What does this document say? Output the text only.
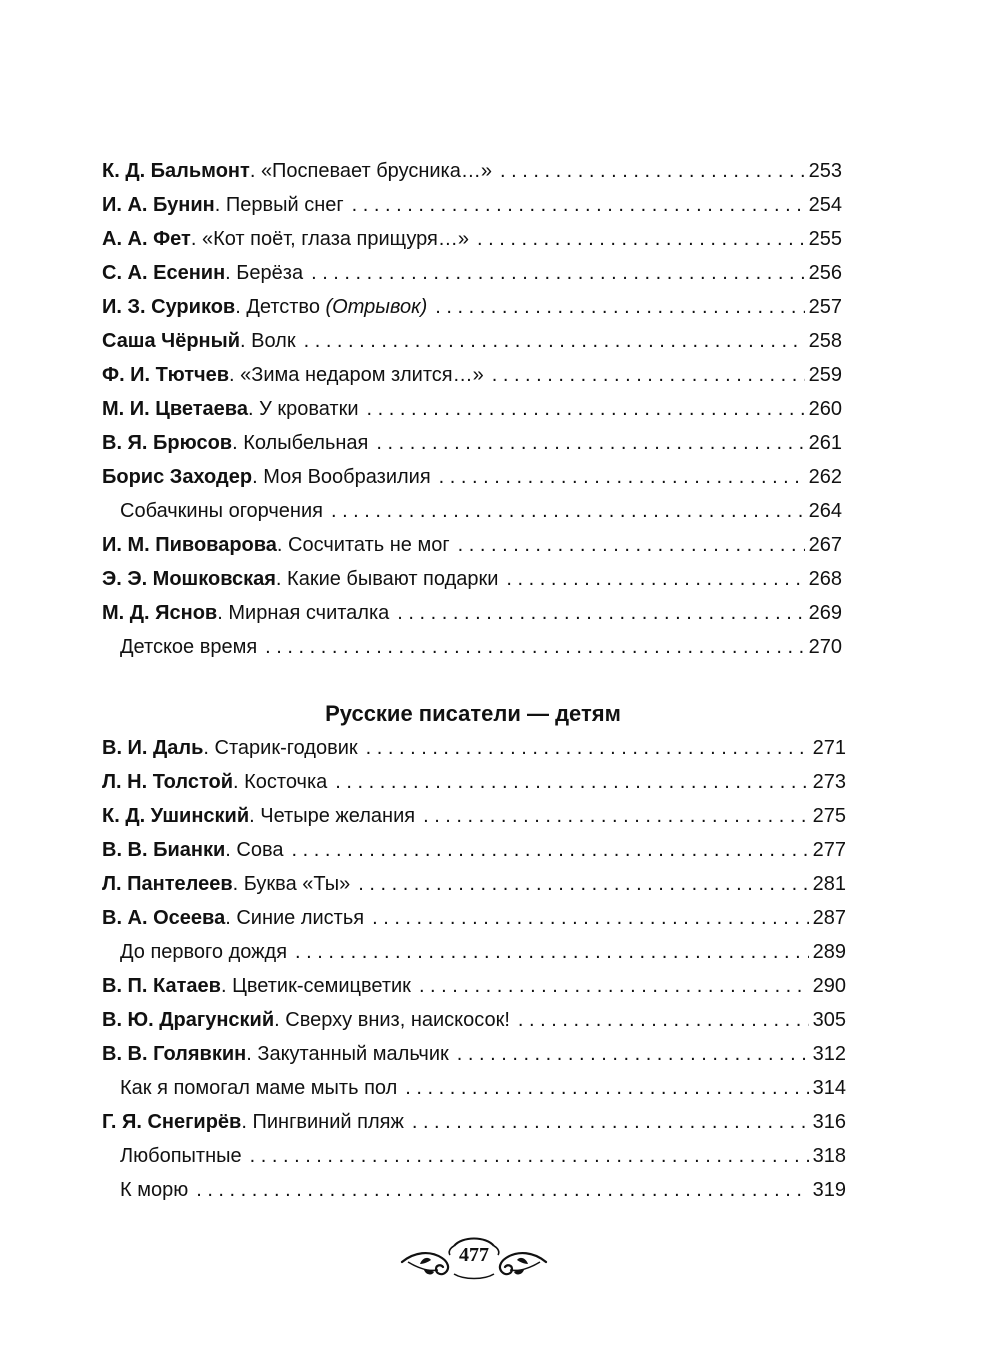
К. Д. Бальмонт . «Поспевает брусника…» . . .	253
И. А. Бунин . Первый снег . . .	254
А. А. Фет . «Кот поёт, глаза прищуря…» . . .	255
С. А. Есенин . Берёза . . .	256
И. З. Суриков . Детство (Отрывок) . . .	257
Саша Чёрный . Волк . . .	258
Ф. И. Тютчев . «Зима недаром злится…» . . .	259
М. И. Цветаева . У кроватки . . .	260
В. Я. Брюсов . Колыбельная . . .	261
Борис Заходер . Моя Вообразилия . . .	262
Собачкины огорчения . . .	264
И. М. Пивоварова . Сосчитать не мог . . .	267
Э. Э. Мошковская . Какие бывают подарки . . .	268
М. Д. Яснов . Мирная считалка . . .	269
Детское время . . .	270
Русские писатели — детям
В. И. Даль . Старик-годовик . . .	271
Л. Н. Толстой . Косточка . . .	273
К. Д. Ушинский . Четыре желания . . .	275
В. В. Бианки . Сова . . .	277
Л. Пантелеев . Буква «Ты» . . .	281
В. А. Осеева . Синие листья . . .	287
До первого дождя . . .	289
В. П. Катаев . Цветик-семицветик . . .	290
В. Ю. Драгунский . Сверху вниз, наискосок! . . .	305
В. В. Голявкин . Закутанный мальчик . . .	312
Как я помогал маме мыть пол . . .	314
Г. Я. Снегирёв . Пингвиний пляж . . .	316
Любопытные . . .	318
К морю . . .	319
477
